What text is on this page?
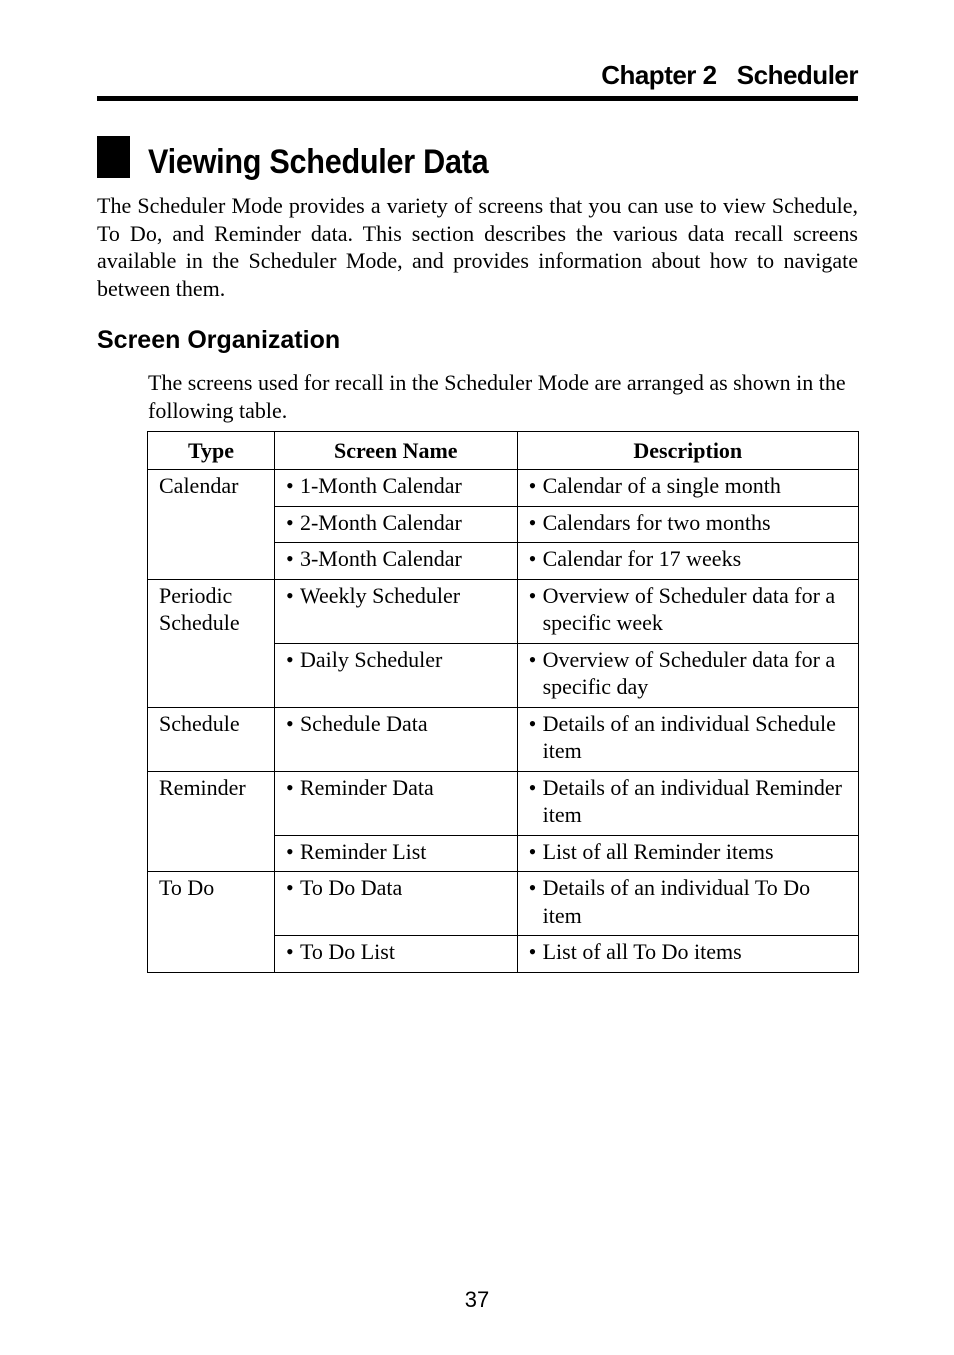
Chapter 2 Scheduler
Viewing Scheduler Data

The Scheduler Mode provides a variety of screens that you can use to view Schedule, To Do, and Reminder data. This section describes the various data recall screens available in the Scheduler Mode, and provides information about how to navigate between them.

Screen Organization

The screens used for recall in the Scheduler Mode are arranged as shown in the following table.

Type	Screen Name	Description
Calendar	• 1-Month Calendar	• Calendar of a single month

	• 2-Month Calendar	• Calendars for two months

	• 3-Month Calendar	• Calendar for 17 weeks

Periodic Schedule	• Weekly Scheduler	• Overview of Scheduler data for a specific week

	• Daily Scheduler	• Overview of Scheduler data for a specific day

Schedule	• Schedule Data	• Details of an individual Schedule item

Reminder	• Reminder Data	• Details of an individual Reminder item

	• Reminder List	• List of all Reminder items

To Do	• To Do Data	• Details of an individual To Do item

	• To Do List	• List of all To Do items
37
